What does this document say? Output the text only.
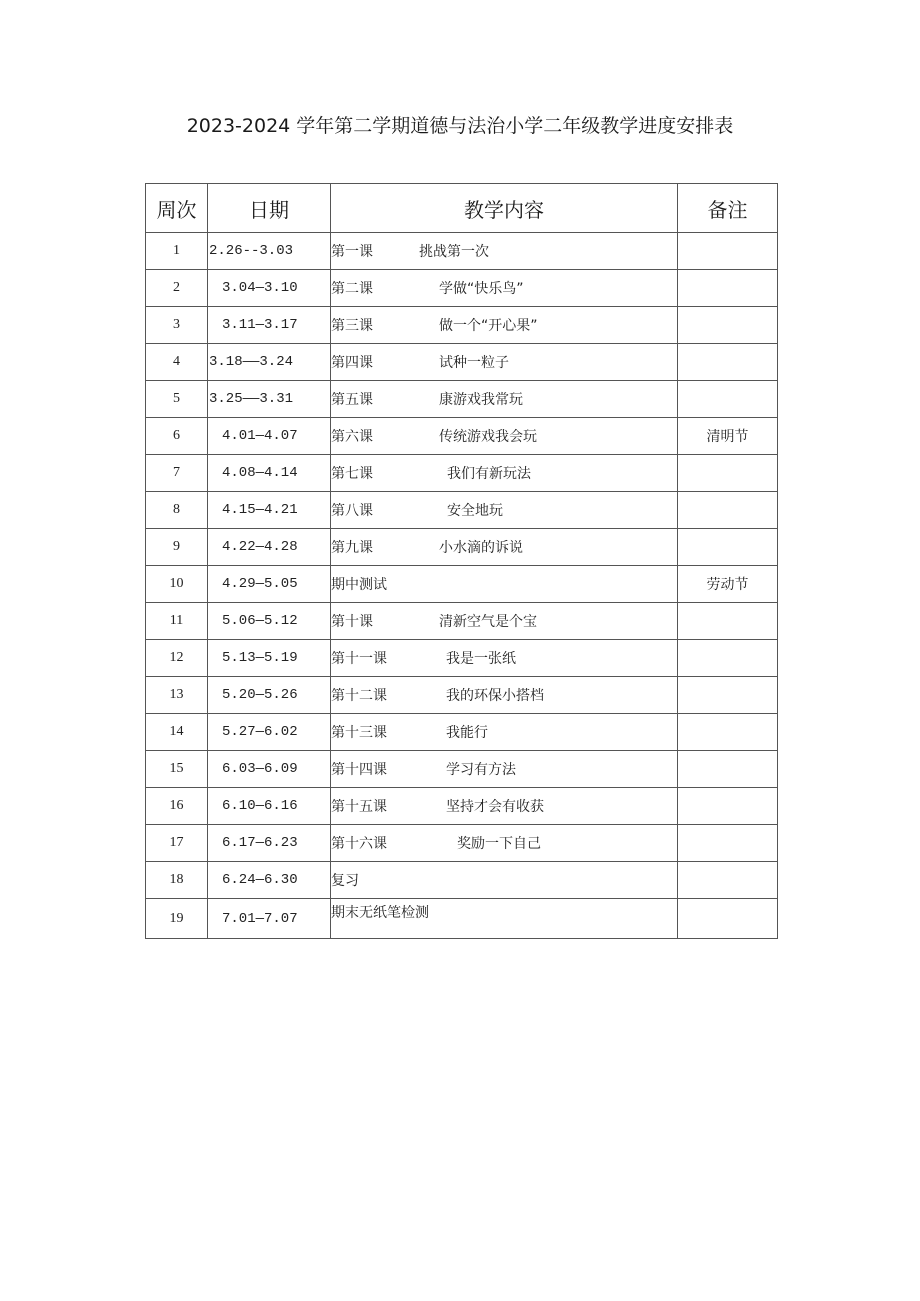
2023-2024 学年第二学期道德与法治小学二年级教学进度安排表
周次	日期	教学内容	备注
1	2.26--3.03	第一课 挑战第一次	
2	3.04—3.10	第二课 学做“快乐鸟”	
3	3.11—3.17	第三课 做一个“开心果”	
4	3.18——3.24	第四课 试种一粒子	
5	3.25——3.31	第五课 康游戏我常玩	
6	4.01—4.07	第六课 传统游戏我会玩	清明节
7	4.08—4.14	第七课 我们有新玩法	
8	4.15—4.21	第八课 安全地玩	
9	4.22—4.28	第九课 小水滴的诉说	
10	4.29—5.05	期中测试	劳动节
11	5.06—5.12	第十课 清新空气是个宝	
12	5.13—5.19	第十一课 我是一张纸	
13	5.20—5.26	第十二课 我的环保小搭档	
14	5.27—6.02	第十三课 我能行	
15	6.03—6.09	第十四课 学习有方法	
16	6.10—6.16	第十五课 坚持才会有收获	
17	6.17—6.23	第十六课 奖励一下自己	
18	6.24—6.30	复习	
19	7.01—7.07	期末无纸笔检测	
